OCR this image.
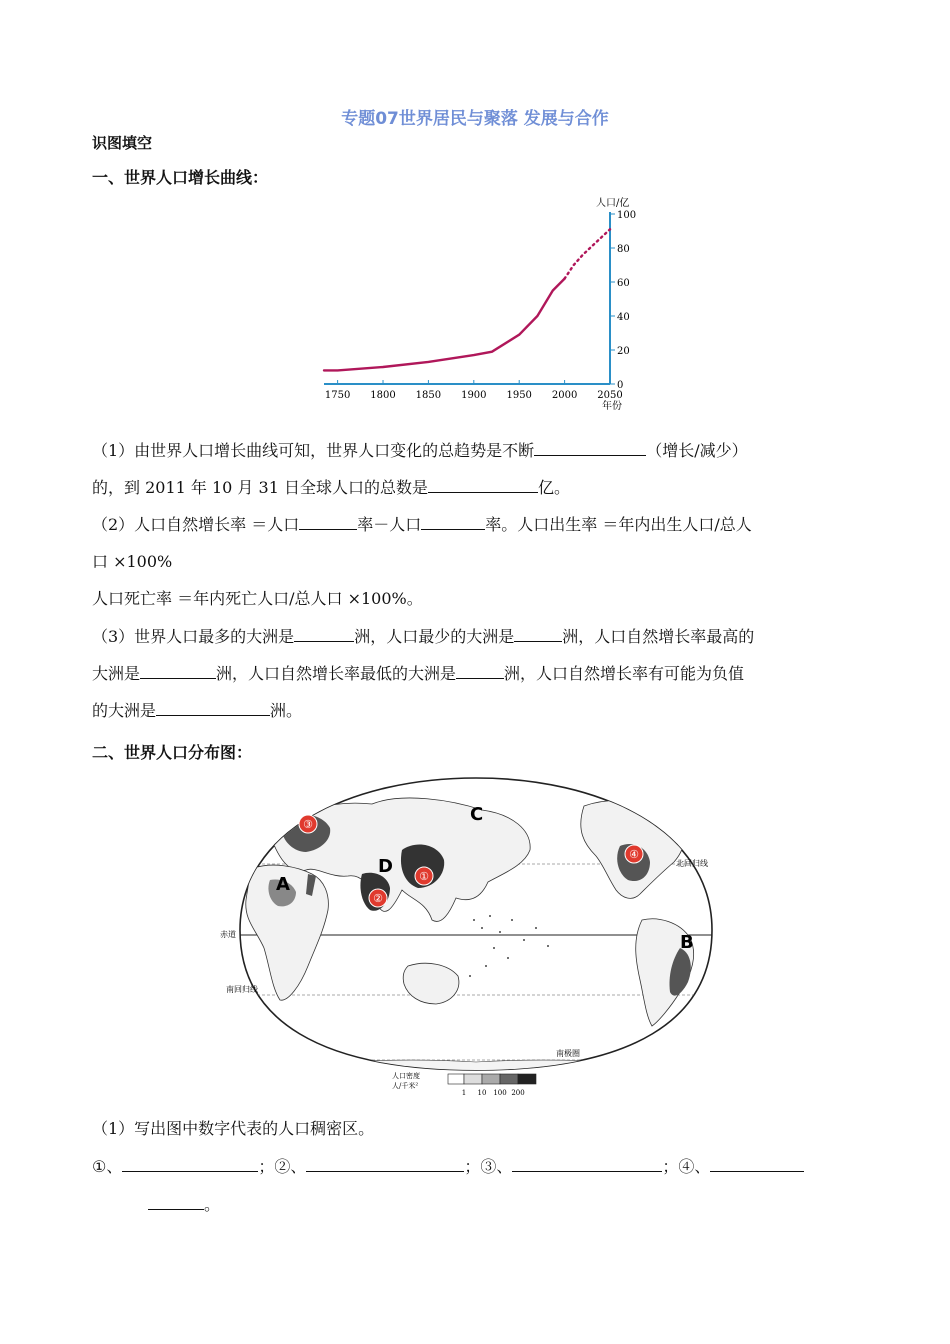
专题07世界居民与聚落 发展与合作
识图填空
一、世界人口增长曲线：
1750 1800 1850 1900 1950 2000 2050
0
20
40
60
80
100
人口/亿
年份
（1）由世界人口增长曲线可知，世界人口变化的总趋势是不断	（增长/减少）
的，到 2011 年 10 月 31 日全球人口的总数是	亿。
（2）人口自然增长率 ＝人口	率－人口	率。人口出生率 ＝年内出生人口/总人
口 ×100%
人口死亡率 ＝年内死亡人口/总人口 ×100%。
（3）世界人口最多的大洲是	洲，人口最少的大洲是	洲，人口自然增长率最高的
大洲是	洲，人口自然增长率最低的大洲是	洲，人口自然增长率有可能为负值
的大洲是	洲。
二、世界人口分布图：
北回归线
赤道
南回归线
南极圈
A
B
C
D ①
②
③
④
人口密度
人/千米²
1 10 100 200
（1）写出图中数字代表的人口稠密区。
①、	；②、	；③、	；④、
。
